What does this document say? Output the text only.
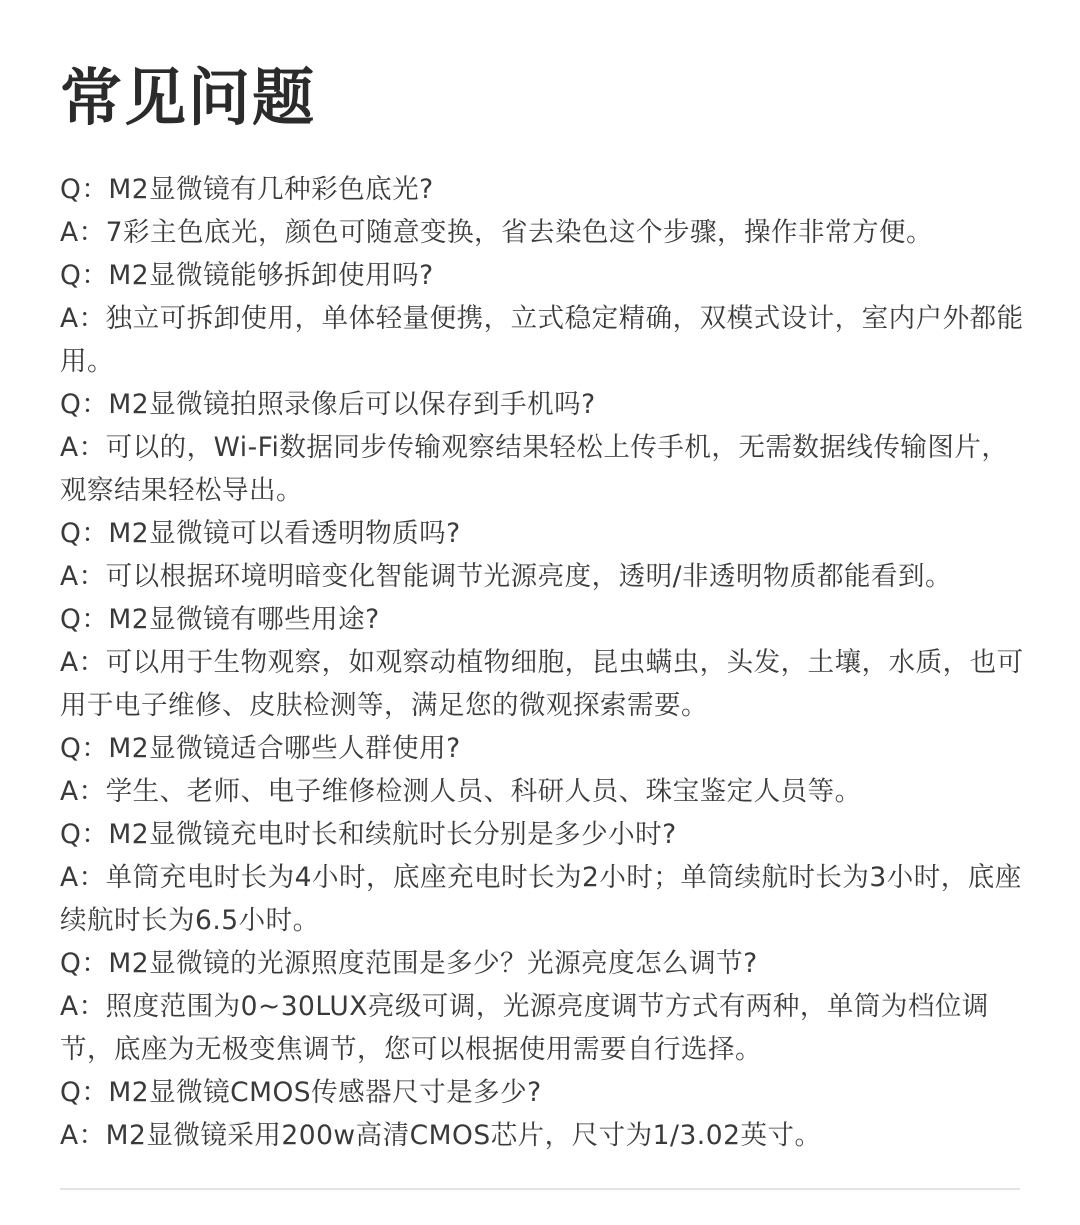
常见问题
Q：M2显微镜有几种彩色底光?
A：7彩主色底光，颜色可随意变换，省去染色这个步骤，操作非常方便。
Q：M2显微镜能够拆卸使用吗?
A：独立可拆卸使用，单体轻量便携，立式稳定精确，双模式设计，室内户外都能用。
Q：M2显微镜拍照录像后可以保存到手机吗?
A：可以的，Wi-Fi数据同步传输观察结果轻松上传手机，无需数据线传输图片，观察结果轻松导出。
Q：M2显微镜可以看透明物质吗?
A：可以根据环境明暗变化智能调节光源亮度，透明/非透明物质都能看到。
Q：M2显微镜有哪些用途?
A：可以用于生物观察，如观察动植物细胞，昆虫螨虫，头发，土壤，水质，也可用于电子维修、皮肤检测等，满足您的微观探索需要。
Q：M2显微镜适合哪些人群使用?
A：学生、老师、电子维修检测人员、科研人员、珠宝鉴定人员等。
Q：M2显微镜充电时长和续航时长分别是多少小时?
A：单筒充电时长为4小时，底座充电时长为2小时；单筒续航时长为3小时，底座续航时长为6.5小时。
Q：M2显微镜的光源照度范围是多少？光源亮度怎么调节?
A：照度范围为0~30LUX亮级可调，光源亮度调节方式有两种，单筒为档位调节，底座为无极变焦调节，您可以根据使用需要自行选择。
Q：M2显微镜CMOS传感器尺寸是多少?
A：M2显微镜采用200w高清CMOS芯片，尺寸为1/3.02英寸。
